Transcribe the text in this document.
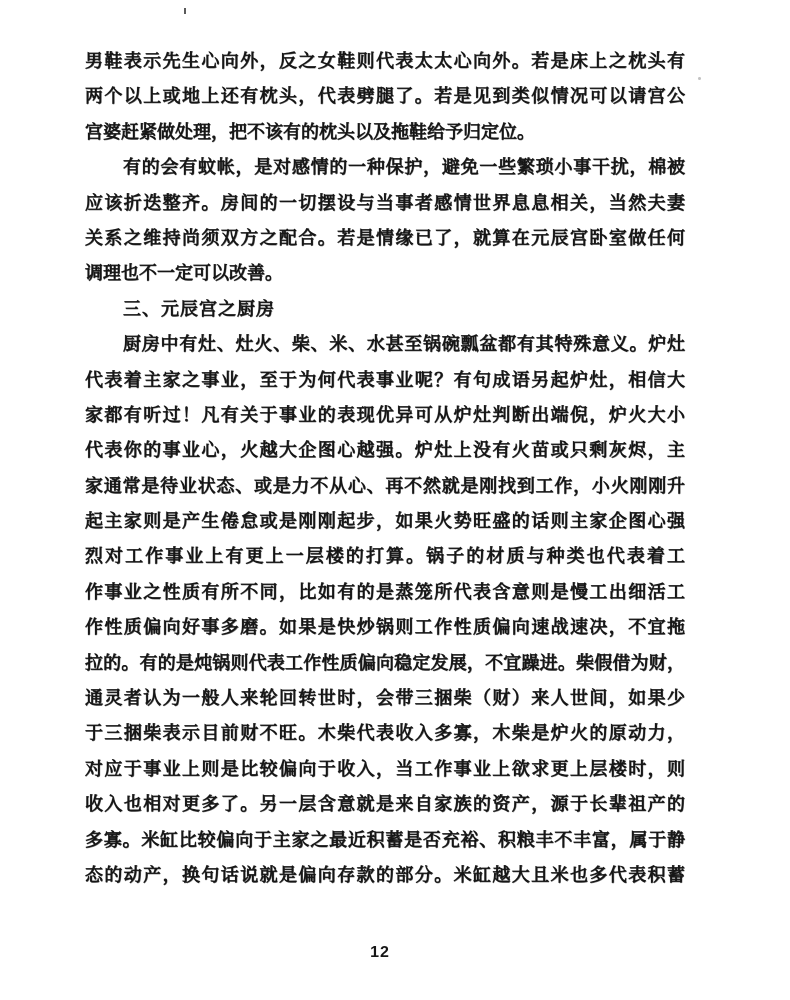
男鞋表示先生心向外，反之女鞋则代表太太心向外。若是床上之枕头有
两个以上或地上还有枕头，代表劈腿了。若是见到类似情况可以请宫公
宫婆赶紧做处理，把不该有的枕头以及拖鞋给予归定位。
有的会有蚊帐，是对感情的一种保护，避免一些繁琐小事干扰，棉被
应该折迭整齐。房间的一切摆设与当事者感情世界息息相关，当然夫妻
关系之维持尚须双方之配合。若是情缘已了，就算在元辰宫卧室做任何
调理也不一定可以改善。
三、元辰宫之厨房
厨房中有灶、灶火、柴、米、水甚至锅碗瓢盆都有其特殊意义。炉灶
代表着主家之事业，至于为何代表事业呢？有句成语另起炉灶，相信大
家都有听过！凡有关于事业的表现优异可从炉灶判断出端倪，炉火大小
代表你的事业心，火越大企图心越强。炉灶上没有火苗或只剩灰烬，主
家通常是待业状态、或是力不从心、再不然就是刚找到工作，小火刚刚升
起主家则是产生倦怠或是刚刚起步，如果火势旺盛的话则主家企图心强
烈对工作事业上有更上一层楼的打算。锅子的材质与种类也代表着工
作事业之性质有所不同，比如有的是蒸笼所代表含意则是慢工出细活工
作性质偏向好事多磨。如果是快炒锅则工作性质偏向速战速决，不宜拖
拉的。有的是炖锅则代表工作性质偏向稳定发展，不宜躁进。柴假借为财，
通灵者认为一般人来轮回转世时，会带三捆柴（财）来人世间，如果少
于三捆柴表示目前财不旺。木柴代表收入多寡，木柴是炉火的原动力，
对应于事业上则是比较偏向于收入，当工作事业上欲求更上层楼时，则
收入也相对更多了。另一层含意就是来自家族的资产，源于长辈祖产的
多寡。米缸比较偏向于主家之最近积蓄是否充裕、积粮丰不丰富，属于静
态的动产，换句话说就是偏向存款的部分。米缸越大且米也多代表积蓄
12
